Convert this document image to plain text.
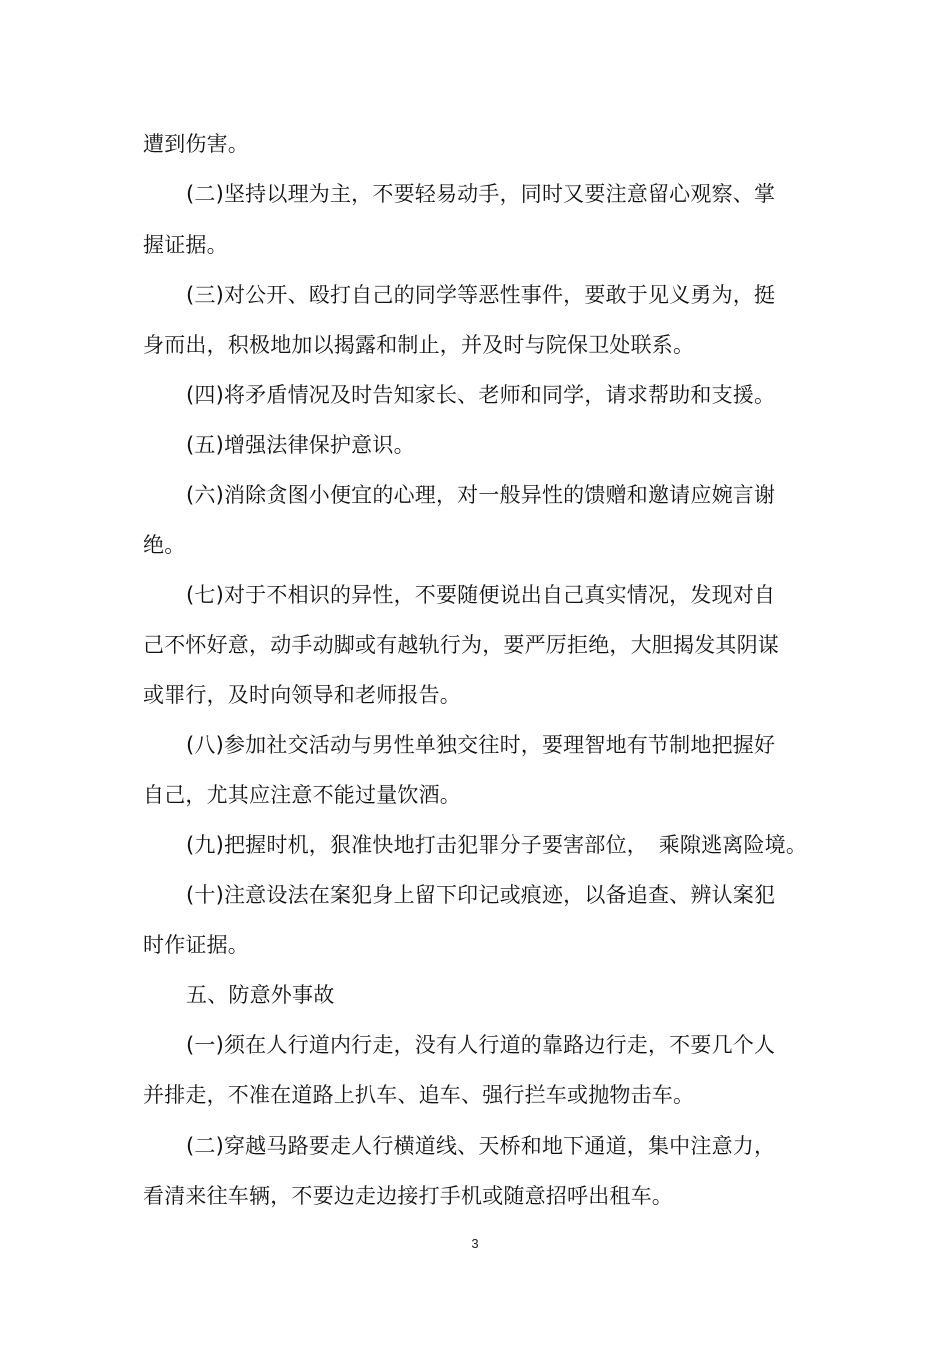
遭到伤害。
(二)坚持以理为主，不要轻易动手，同时又要注意留心观察、掌
握证据。
(三)对公开、殴打自己的同学等恶性事件，要敢于见义勇为，挺
身而出，积极地加以揭露和制止，并及时与院保卫处联系。
(四)将矛盾情况及时告知家长、老师和同学，请求帮助和支援。
(五)增强法律保护意识。
(六)消除贪图小便宜的心理，对一般异性的馈赠和邀请应婉言谢
绝。
(七)对于不相识的异性，不要随便说出自己真实情况，发现对自
己不怀好意，动手动脚或有越轨行为，要严厉拒绝，大胆揭发其阴谋
或罪行，及时向领导和老师报告。
(八)参加社交活动与男性单独交往时，要理智地有节制地把握好
自己，尤其应注意不能过量饮酒。
(九)把握时机，狠准快地打击犯罪分子要害部位，　乘隙逃离险境。
(十)注意设法在案犯身上留下印记或痕迹，以备追查、辨认案犯
时作证据。
五、防意外事故
(一)须在人行道内行走，没有人行道的靠路边行走，不要几个人
并排走，不准在道路上扒车、追车、强行拦车或抛物击车。
(二)穿越马路要走人行横道线、天桥和地下通道，集中注意力，
看清来往车辆，不要边走边接打手机或随意招呼出租车。
3
